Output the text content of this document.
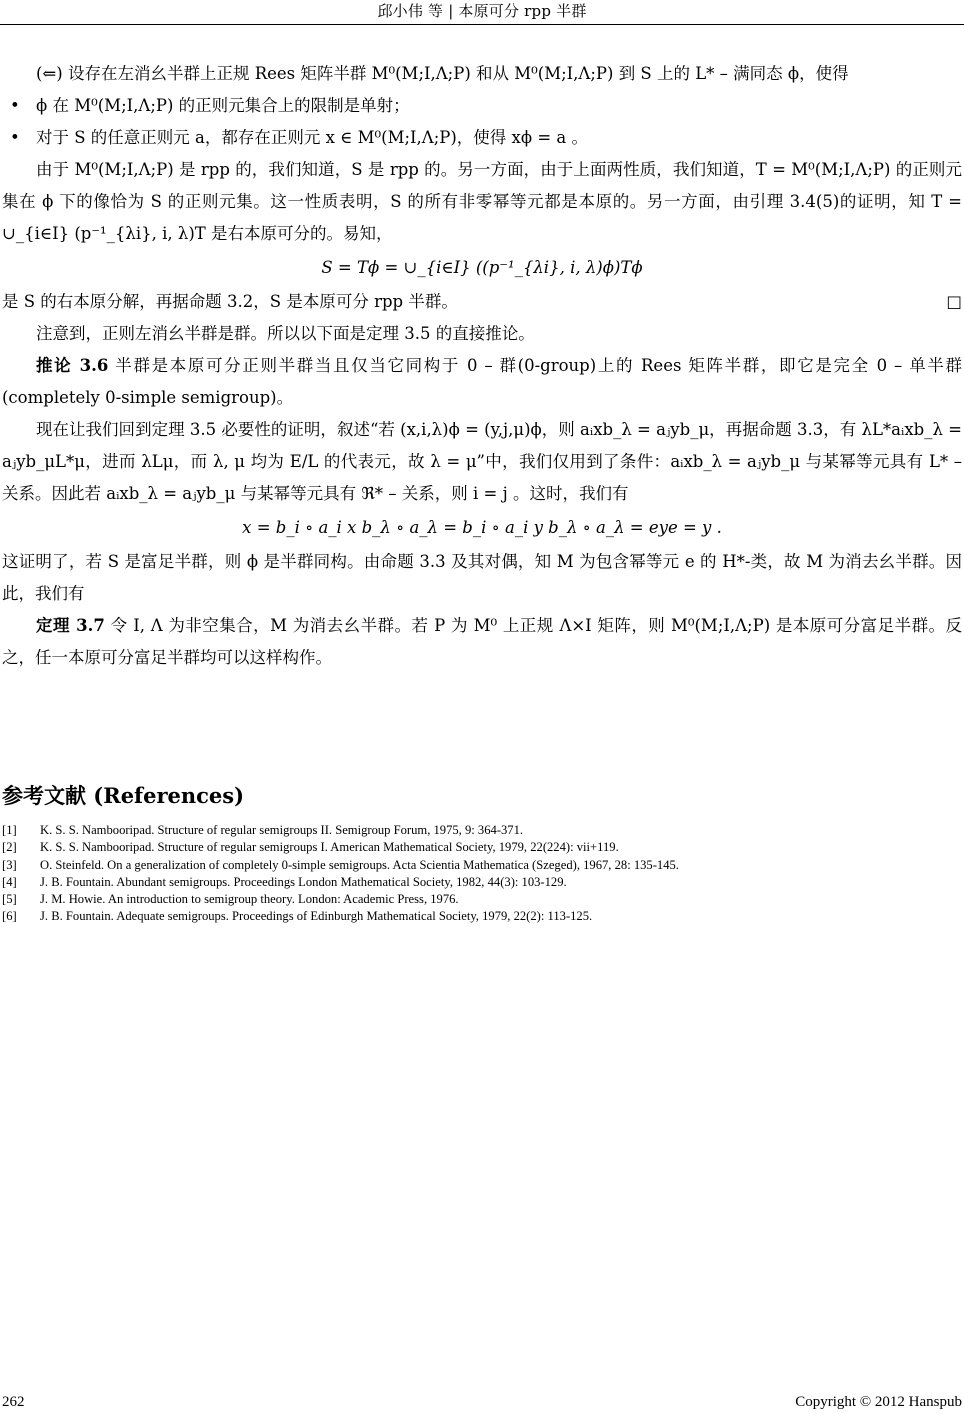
邱小伟 等 | 本原可分 rpp 半群

(⇐) 设存在左消幺半群上正规 Rees 矩阵半群 M⁰(M;I,Λ;P) 和从 M⁰(M;I,Λ;P) 到 S 上的 L* – 满同态 ϕ，使得

• ϕ 在 M⁰(M;I,Λ;P) 的正则元集合上的限制是单射；
• 对于 S 的任意正则元 a，都存在正则元 x ∈ M⁰(M;I,Λ;P)，使得 xϕ = a 。

由于 M⁰(M;I,Λ;P) 是 rpp 的，我们知道，S 是 rpp 的。另一方面，由于上面两性质，我们知道，T = M⁰(M;I,Λ;P) 的正则元集在 ϕ 下的像恰为 S 的正则元集。这一性质表明，S 的所有非零幂等元都是本原的。另一方面，由引理 3.4(5)的证明，知 T = ∪_{i∈I} (p⁻¹_{λi}, i, λ)T 是右本原可分的。易知，

S = Tϕ = ∪_{i∈I} ((p⁻¹_{λi}, i, λ)ϕ)Tϕ

是 S 的右本原分解，再据命题 3.2，S 是本原可分 rpp 半群。	□

注意到，正则左消幺半群是群。所以以下面是定理 3.5 的直接推论。

推论 3.6 半群是本原可分正则半群当且仅当它同构于 0 – 群(0-group)上的 Rees 矩阵半群，即它是完全 0 – 单半群(completely 0-simple semigroup)。

现在让我们回到定理 3.5 必要性的证明，叙述“若 (x,i,λ)ϕ = (y,j,μ)ϕ，则 aᵢxb_λ = aⱼyb_μ，再据命题 3.3，有 λL*aᵢxb_λ = aⱼyb_μL*μ，进而 λLμ，而 λ, μ 均为 E/L 的代表元，故 λ = μ”中，我们仅用到了条件：aᵢxb_λ = aⱼyb_μ 与某幂等元具有 L* – 关系。因此若 aᵢxb_λ = aⱼyb_μ 与某幂等元具有 ℜ* – 关系，则 i = j 。这时，我们有

x = b_i ∘ a_i x b_λ ∘ a_λ = b_i ∘ a_i y b_λ ∘ a_λ = eye = y .

这证明了，若 S 是富足半群，则 ϕ 是半群同构。由命题 3.3 及其对偶，知 M 为包含幂等元 e 的 H*-类，故 M 为消去幺半群。因此，我们有

定理 3.7 令 I, Λ 为非空集合，M 为消去幺半群。若 P 为 M⁰ 上正规 Λ×I 矩阵，则 M⁰(M;I,Λ;P) 是本原可分富足半群。反之，任一本原可分富足半群均可以这样构作。

参考文献 (References)
[1] K. S. S. Nambooripad. Structure of regular semigroups II. Semigroup Forum, 1975, 9: 364-371.
[2] K. S. S. Nambooripad. Structure of regular semigroups I. American Mathematical Society, 1979, 22(224): vii+119.
[3] O. Steinfeld. On a generalization of completely 0-simple semigroups. Acta Scientia Mathematica (Szeged), 1967, 28: 135-145.
[4] J. B. Fountain. Abundant semigroups. Proceedings London Mathematical Society, 1982, 44(3): 103-129.
[5] J. M. Howie. An introduction to semigroup theory. London: Academic Press, 1976.
[6] J. B. Fountain. Adequate semigroups. Proceedings of Edinburgh Mathematical Society, 1979, 22(2): 113-125.
262	Copyright © 2012 Hanspub
